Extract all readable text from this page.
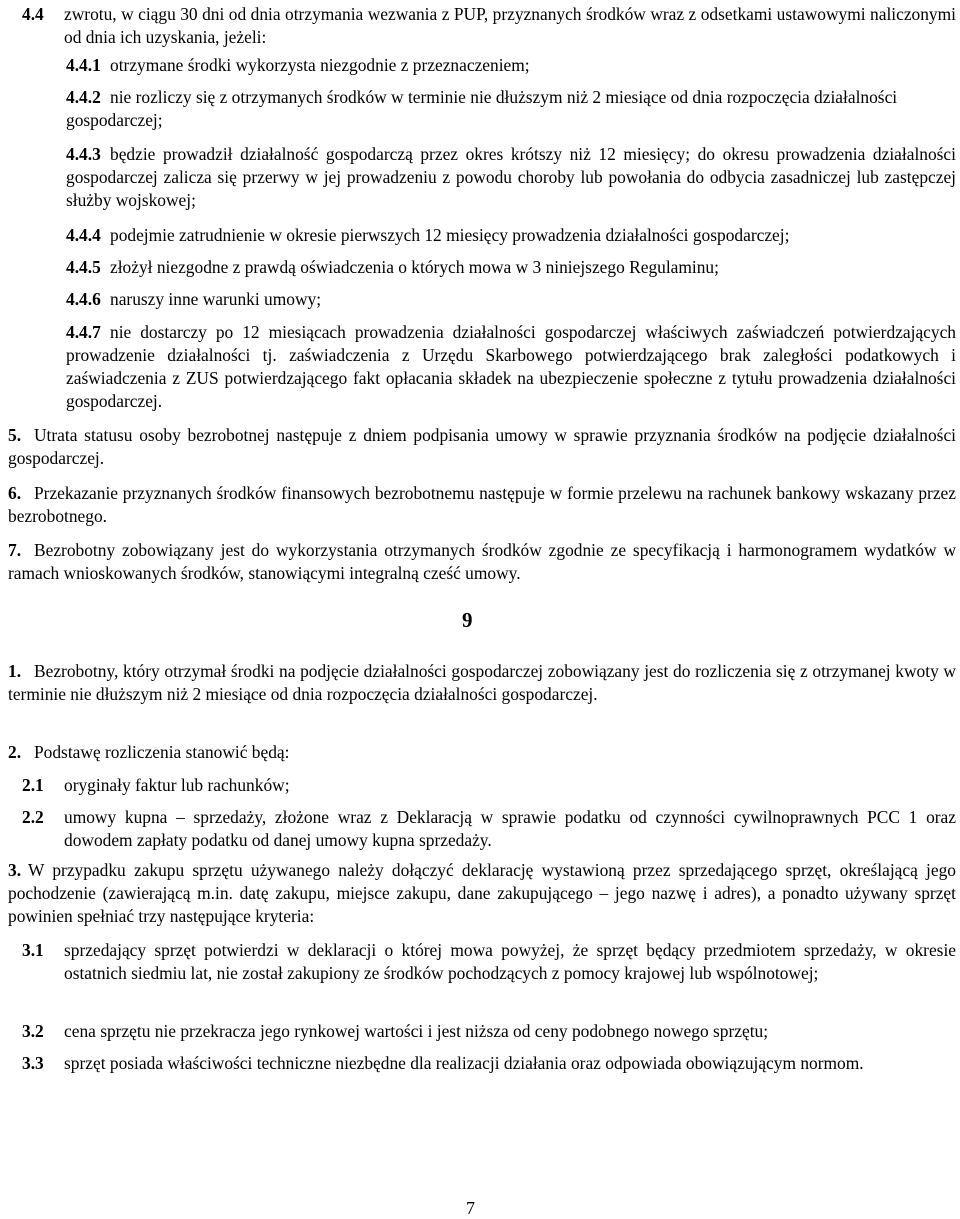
4.4	zwrotu, w ciągu 30 dni od dnia otrzymania wezwania z PUP, przyznanych środków wraz z odsetkami ustawowymi naliczonymi od dnia ich uzyskania, jeżeli:
4.4.1 otrzymane środki wykorzysta niezgodnie z przeznaczeniem;
4.4.2 nie rozliczy się z otrzymanych środków w terminie nie dłuższym niż 2 miesiące od dnia rozpoczęcia działalności gospodarczej;
4.4.3 będzie prowadził działalność gospodarczą przez okres krótszy niż 12 miesięcy; do okresu prowadzenia działalności gospodarczej zalicza się przerwy w jej prowadzeniu z powodu choroby lub powołania do odbycia zasadniczej lub zastępczej służby wojskowej;
4.4.4 podejmie zatrudnienie w okresie pierwszych 12 miesięcy prowadzenia działalności gospodarczej;
4.4.5 złożył niezgodne z prawdą oświadczenia o których mowa w 3 niniejszego Regulaminu;
4.4.6 naruszy inne warunki umowy;
4.4.7 nie dostarczy po 12 miesiącach prowadzenia działalności gospodarczej właściwych zaświadczeń potwierdzających prowadzenie działalności tj. zaświadczenia z Urzędu Skarbowego potwierdzającego brak zaległości podatkowych i zaświadczenia z ZUS potwierdzającego fakt opłacania składek na ubezpieczenie społeczne z tytułu prowadzenia działalności gospodarczej.
5. Utrata statusu osoby bezrobotnej następuje z dniem podpisania umowy w sprawie przyznania środków na podjęcie działalności gospodarczej.
6. Przekazanie przyznanych środków finansowych bezrobotnemu następuje w formie przelewu na rachunek bankowy wskazany przez bezrobotnego.
7. Bezrobotny zobowiązany jest do wykorzystania otrzymanych środków zgodnie ze specyfikacją i harmonogramem wydatków w ramach wnioskowanych środków, stanowiącymi integralną cześć umowy.
9
1. Bezrobotny, który otrzymał środki na podjęcie działalności gospodarczej zobowiązany jest do rozliczenia się z otrzymanej kwoty w terminie nie dłuższym niż 2 miesiące od dnia rozpoczęcia działalności gospodarczej.
2. Podstawę rozliczenia stanowić będą:
2.1	oryginały faktur lub rachunków;
2.2	umowy kupna – sprzedaży, złożone wraz z Deklaracją w sprawie podatku od czynności cywilnoprawnych PCC 1 oraz dowodem zapłaty podatku od danej umowy kupna sprzedaży.
3. W przypadku zakupu sprzętu używanego należy dołączyć deklarację wystawioną przez sprzedającego sprzęt, określającą jego pochodzenie (zawierającą m.in. datę zakupu, miejsce zakupu, dane zakupującego – jego nazwę i adres), a ponadto używany sprzęt powinien spełniać trzy następujące kryteria:
3.1	sprzedający sprzęt potwierdzi w deklaracji o której mowa powyżej, że sprzęt będący przedmiotem sprzedaży, w okresie ostatnich siedmiu lat, nie został zakupiony ze środków pochodzących z pomocy krajowej lub wspólnotowej;
3.2	cena sprzętu nie przekracza jego rynkowej wartości i jest niższa od ceny podobnego nowego sprzętu;
3.3	sprzęt posiada właściwości techniczne niezbędne dla realizacji działania oraz odpowiada obowiązującym normom.
7
